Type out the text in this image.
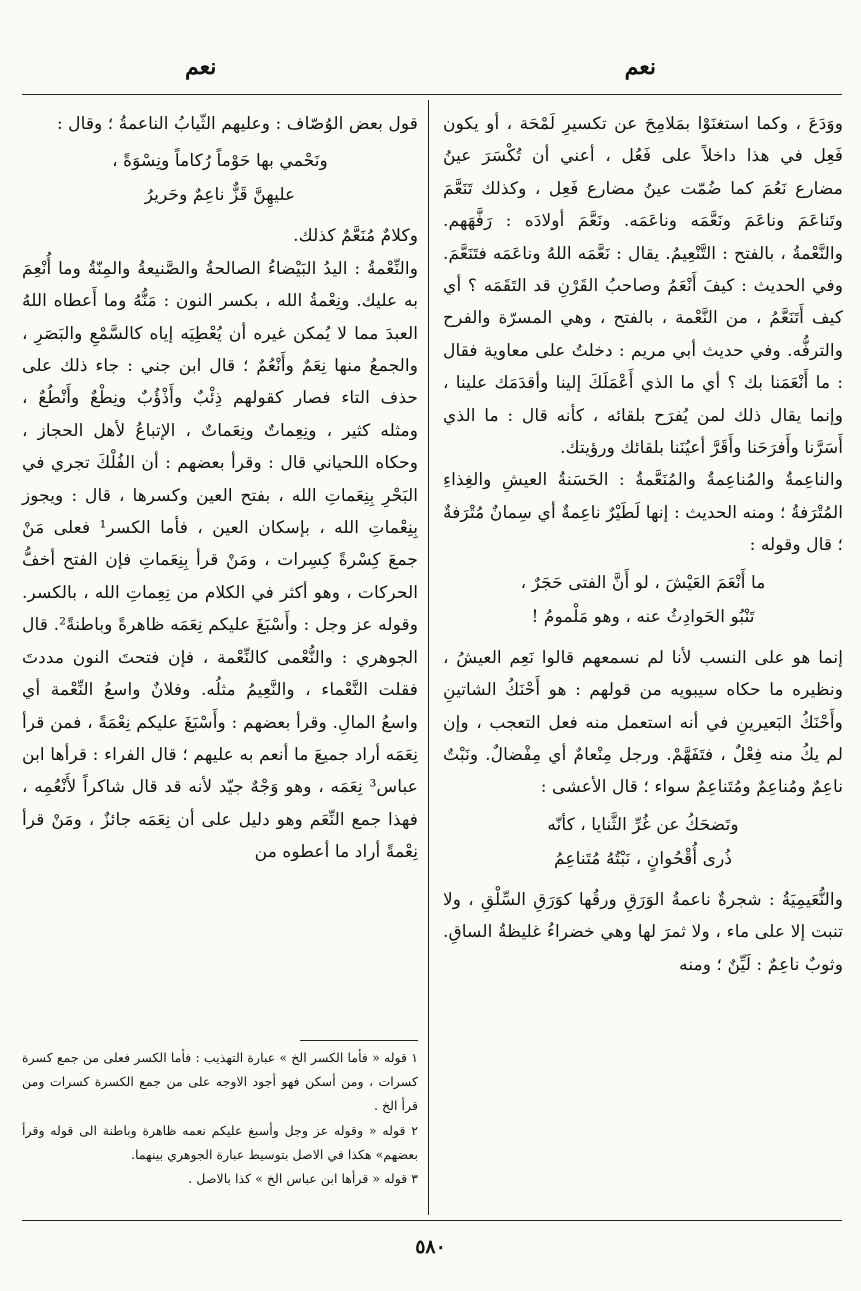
نعم
نعم

ووَدَعَ ، وكما استغنَوْا بمَلامِحَ عن تكسيرِ لَمْحَة ، أو يكون فَعِل في هذا داخلاً على فَعُل ، أعني أن تُكْسَرَ عينُ مضارع نَعُمَ كما ضُمّت عينُ مضارع فَعِل ، وكذلك تَنَعَّمَ وتَناعَمَ وناعَمَ ونَعَّمَه وناعَمَه. ونَعَّمَ أولادَه : رَفَّهَهم. والنَّعْمةُ ، بالفتح : التَّنْعِيمُ. يقال : نَعَّمَه اللهُ وناعَمَه فتَنَعَّمَ. وفي الحديث : كيفَ أَنْعَمُ وصاحبُ القَرْنِ قد التَقَمَه ؟ أي كيف أَتَنَعَّمُ ، من النَّعْمة ، بالفتح ، وهي المسرّة والفرح والترفُّه. وفي حديث أبي مريم : دخلتُ على معاوية فقال : ما أَنْعَمَنا بك ؟ أي ما الذي أَعْمَلَكَ إلينا وأقدَمَك علينا ، وإنما يقال ذلك لمن يُفرَح بلقائه ، كأنه قال : ما الذي أَسَرَّنا وأَفرَحَنا وأَقَرَّ أعيُنَنا بلقائك ورؤيتك.

والناعِمةُ والمُناعِمةُ والمُنَعَّمةُ : الحَسَنةُ العيشِ والغِذاءِ المُتْرَفةُ ؛ ومنه الحديث : إنها لَطَيْرٌ ناعِمةٌ أي سِمانٌ مُتْرَفةٌ ؛ قال وقوله :

ما أَنْعَمَ العَيْشَ ، لو أَنَّ الفتى حَجَرٌ ،
تَنْبُو الحَوادِثُ عنه ، وهو مَلْمومُ !

إنما هو على النسب لأنا لم نسمعهم قالوا نَعِم العيشُ ، ونظيره ما حكاه سيبويه من قولهم : هو أَحْنَكُ الشاتينِ وأَحْنَكُ البَعيرينِ في أنه استعمل منه فعل التعجب ، وإن لم يكُ منه فِعْلٌ ، فتَفَهَّمْ. ورجل مِنْعامٌ أي مِفْضالٌ. ونَبْتٌ ناعِمٌ ومُناعِمٌ ومُتَناعِمٌ سواء ؛ قال الأعشى :

وتَضحَكُ عن غُرِّ الثَّنايا ، كأنّه
ذُرى أُقْحُوانٍ ، نَبْتُهُ مُتَناعِمُ

والنُّعَيمِيَةُ : شجرةٌ ناعمةُ الوَرَقِ ورقُها كوَرَقِ السِّلْقِ ، ولا تنبت إلا على ماء ، ولا ثمرَ لها وهي خضراءُ غليظةُ الساقِ. وثوبٌ ناعِمٌ : لَيِّنٌ ؛ ومنه

قول بعض الوُصّاف : وعليهم الثّيابُ الناعمةُ ؛ وقال :

ونَحْمي بها حَوْماً رُكاماً ونِسْوَةً ،
عليهِنَّ قَزٌّ ناعِمٌ وحَريرُ

وكلامٌ مُنَعَّمٌ كذلك.

والنِّعْمةُ : اليدُ البَيْضاءُ الصالحةُ والصَّنيعةُ والمِنّةُ وما أُنْعِمَ به عليك. ونِعْمةُ الله ، بكسر النون : مَنُّهُ وما أَعطاه اللهُ العبدَ مما لا يُمكن غيره أن يُعْطِيَه إياه كالسَّمْعِ والبَصَرِ ، والجمعُ منها نِعَمٌ وأَنْعُمٌ ؛ قال ابن جني : جاء ذلك على حذف التاء فصار كقولهم ذِئْبٌ وأَذْؤُبٌ ونِطْعٌ وأَنْطُعٌ ، ومثله كثير ، ونِعِماتٌ ونِعَماتٌ ، الإتباعُ لأهل الحجاز ، وحكاه اللحياني قال : وقرأ بعضهم : أن الفُلْكَ تجري في البَحْرِ بِنِعَماتِ الله ، بفتح العين وكسرها ، قال : ويجوز بِنِعْماتِ الله ، بإسكان العين ، فأما الكسر¹ فعلى مَنْ جمعَ كِسْرةً كِسِرات ، ومَنْ قرأ بِنِعَماتِ فإن الفتح أخفُّ الحركات ، وهو أكثر في الكلام من نِعِماتِ الله ، بالكسر. وقوله عز وجل : وأَسْبَغَ عليكم نِعَمَه ظاهرةً وباطنةً². قال الجوهري : والنُّعْمى كالنِّعْمة ، فإن فتحتَ النون مددتَ فقلت النَّعْماء ، والنَّعِيمُ مثلُه. وفلانٌ واسعُ النِّعْمة أي واسعُ المالِ. وقرأ بعضهم : وأَسْبَغَ عليكم نِعْمَةً ، فمن قرأ نِعَمَه أراد جميعَ ما أنعم به عليهم ؛ قال الفراء : قرأها ابن عباس³ نِعَمَه ، وهو وَجْهٌ جيّد لأنه قد قال شاكراً لأَنْعُمِه ، فهذا جمع النِّعَم وهو دليل على أن نِعَمَه جائزٌ ، ومَنْ قرأ نِعْمةً أراد ما أعطوه من

١ قوله « فأما الكسر الخ » عبارة التهذيب : فأما الكسر فعلى من جمع كسرة كسرات ، ومن أسكن فهو أجود الاوجه على من جمع الكسرة كسرات ومن قرأ الخ .

٢ قوله « وقوله عز وجل وأسبغ عليكم نعمه ظاهرة وباطنة الى قوله وقرأ بعضهم» هكذا في الاصل بتوسيط عبارة الجوهري بينهما.

٣ قوله « قرأها ابن عباس الخ » كذا بالاصل .

٥٨٠
